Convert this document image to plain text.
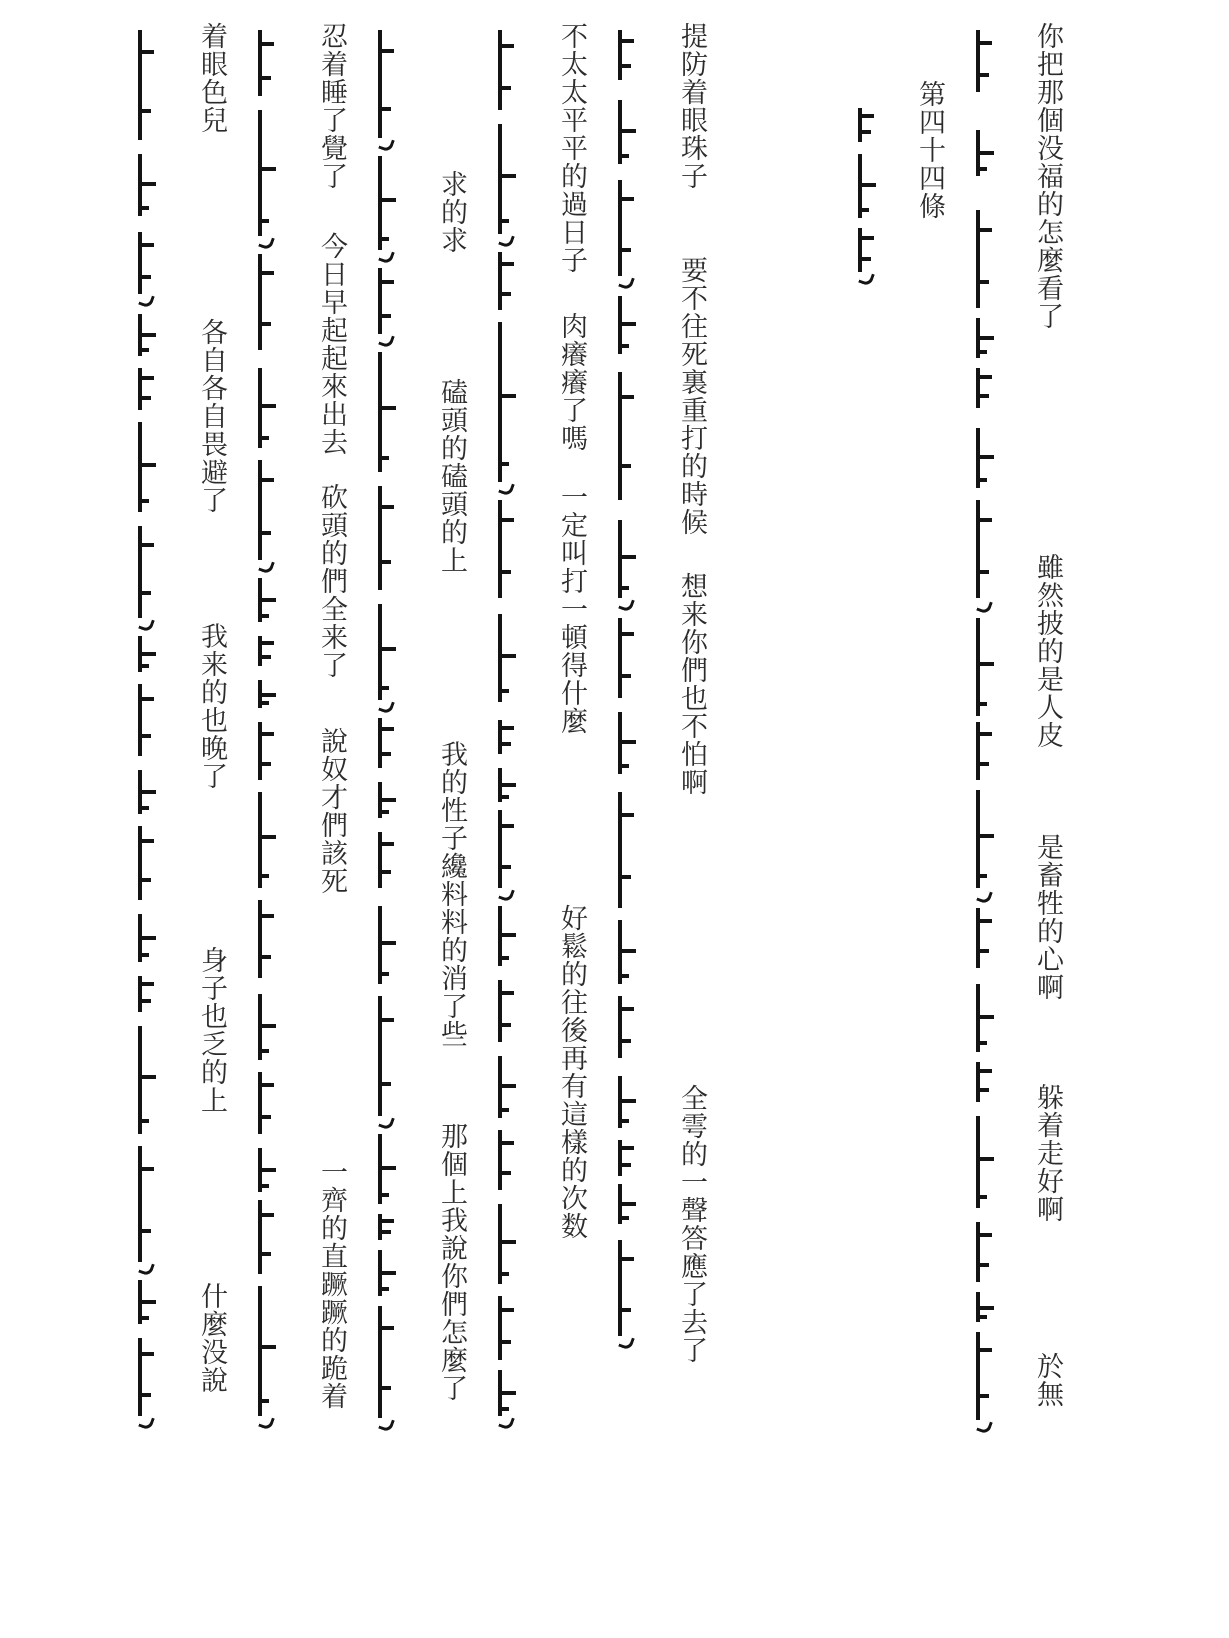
你把那個没福的怎麼看了
雖然披的是人皮
是畜牲的心啊
躲着走好啊
於無
第四十四條
提防着眼珠子
要不往死裏重打的時候
想来你們也不怕啊
全雩的一聲答應了去了
不太太平平的過日子
肉癢癢了嗎
一定叫打一頓得什麼
好鬆的往後再有這樣的次数
求的求
磕頭的磕頭的上
我的性子纔料料的消了些
那個上我說你們怎麼了
忍着睡了覺了
今日早起起來出去
砍頭的們全来了
說奴才們該死
一齊的直蹶蹶的跪着
着眼色兒
各自各自畏避了
我来的也晚了
身子也乏的上
什麼没說
